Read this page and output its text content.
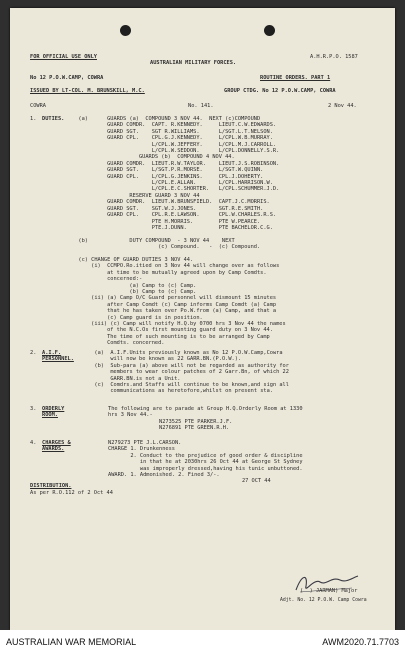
FOR OFFICIAL USE ONLY
AUSTRALIAN MILITARY FORCES.
A.H.R.P.O. 1587
No 12 P.O.W.CAMP, COWRA	ROUTINE ORDERS. PART 1
ISSUED BY LT-COL. M. BRUNSKILL, M.C.	GROUP CTDG. No 12 P.O.W.CAMP, COWRA
COWRA	No. 141.	2 Nov 44.
1. DUTIES. (a)      GUARDS (a)  COMPOUND 3 NOV 44.  NEXT (c)COMPOUND
GUARD COMDR.  CAPT. R.KENNEDY.     LIEUT.C.W.EDWARDS.
GUARD SGT.    SGT R.WILLIAMS.      L/SGT.L.T.NELSON.
GUARD CPL.    CPL.G.J.KENNEDY.     L/CPL.W.B.MURRAY.
L/CPL.W.JEFFERY.     L/CPL.M.J.CARROLL.
L/CPL.W.SEDDON.      L/CPL.DONNELLY.S.R.
GUARDS (b)  COMPOUND 4 NOV 44.
GUARD COMDR.  LIEUT.R.W.TAYLOR.    LIEUT.J.S.ROBINSON.
GUARD SGT.    L/SGT.P.R.MORSE.     L/SGT.W.QUINN.
GUARD CPL.    L/CPL.G.JENKINS.     CPL.J.DOHERTY.
L/CPL.E.ALLAN.       L/CPL.HARRISON.W.
L/CPL.E.C.SHORTER.   L/CPL.SCHUMMER.J.D.
RESERVE GUARD 3 NOV 44
GUARD COMDR.  LIEUT.W.BRUNSFIELD.  CAPT.J.C.MORRIS.
GUARD SGT.    SGT.W.J.JONES.       SGT.R.E.SMITH.
GUARD CPL.    CPL.R.E.LAWSON.      CPL.W.CHARLES.R.S.
PTE H.MORRIS.        PTE W.PEARCE.
PTE.J.DUNN.          PTE BACHELOR.C.G.

(b)             DUTY COMPOUND  - 3 NOV 44    NEXT
(c) Compound.   -  (c) Compound.

(c) CHANGE OF GUARD DUTIES 3 NOV 44.
(i)  CCMPO.Ro.itied on 3 Nov 44 will change over as follows
at time to be mutually agreed upon by Camp Comdts.
concerned:-
(a) Camp to (c) Camp.
(b) Camp to (c) Camp.
(ii) (a) Camp O/C Guard personnel will dismount 15 minutes
after Camp Comdt (c) Camp informs Camp Comdt (a) Camp
that he has taken over Po.W.from (a) Camp, and that a
(c) Camp guard is in position.
(iii) (c) Camp will notify H.Q.by 0700 hrs 3 Nov 44 the names
of the N.C.Os first mounting guard duty on 3 Nov 44.
The time of such mounting is to be arranged by Camp
Comdts. concerned.
2. A.I.F.
PERSONNEL.
(a)  A.I.F.Units previously known as No 12 P.O.W.Camp,Cowra
will now be known as 22 GARR.BN.(P.O.W.).
(b)  Sub-para (a) above will not be regarded as authority for
members to wear colour patches of 2 Garr.Bn, of which 22
GARR.BN.is not a Unit.
(c)  Comdrs.and Staffs will continue to be known,and sign all
communications as heretofore,whilst on present sta.
3. ORDERLY
ROOM.
The following are to parade at Group H.Q.Orderly Room at 1330
hrs 3 Nov 44.-
N273525 PTE PARKER.J.F.
N276891 PTE GREEN.R.H.
4. CHARGES &
AWARDS.
N279273 PTE J.L.CARSON.
CHARGE 1. Drunkenness
2. Conduct to the prejudice of good order & discipline
in that he at 2030hrs 26 Oct 44 at George St Sydney
was improperly dressed,having his tunic unbuttoned.
AWARD. 1. Admonished. 2. Fined 3/-.
27 OCT 44
DISTRIBUTION.
As per R.O.112 of 2 Oct 44
(  ) JARMAN) Major
Adjt. No. 12 P.O.W. Camp Cowra
AUSTRALIAN WAR MEMORIAL	AWM2020.71.7703
